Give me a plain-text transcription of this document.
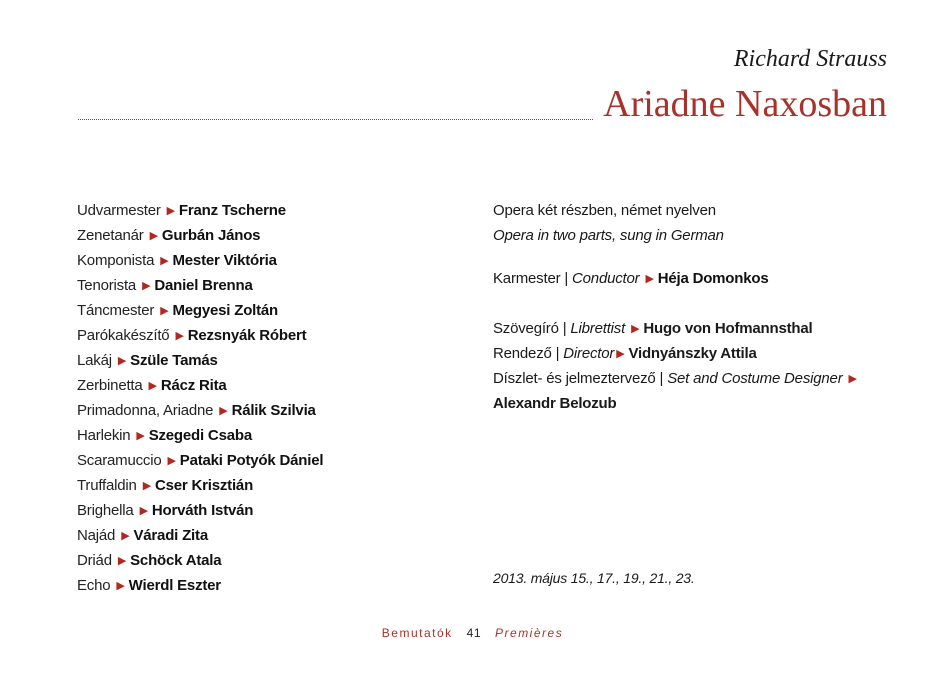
Richard Strauss
Ariadne Naxosban
Udvarmester ▶ Franz Tscherne
Zenetanár ▶ Gurbán János
Komponista ▶ Mester Viktória
Tenorista ▶ Daniel Brenna
Táncmester ▶ Megyesi Zoltán
Parókakészítő ▶ Rezsnyák Róbert
Lakáj ▶ Szüle Tamás
Zerbinetta ▶ Rácz Rita
Primadonna, Ariadne ▶ Rálik Szilvia
Harlekin ▶ Szegedi Csaba
Scaramuccio ▶ Pataki Potyók Dániel
Truffaldin ▶ Cser Krisztián
Brighella ▶ Horváth István
Najád ▶ Váradi Zita
Driád ▶ Schöck Atala
Echo ▶ Wierdl Eszter
Opera két részben, német nyelven
Opera in two parts, sung in German
Karmester | Conductor ▶ Héja Domonkos
Szövegíró | Librettist ▶ Hugo von Hofmannsthal
Rendező | Director ▶ Vidnyánszky Attila
Díszlet- és jelmeztervező | Set and Costume Designer ▶
Alexandr Belozub
2013. május 15., 17., 19., 21., 23.
Bemutatók 41 Premières
